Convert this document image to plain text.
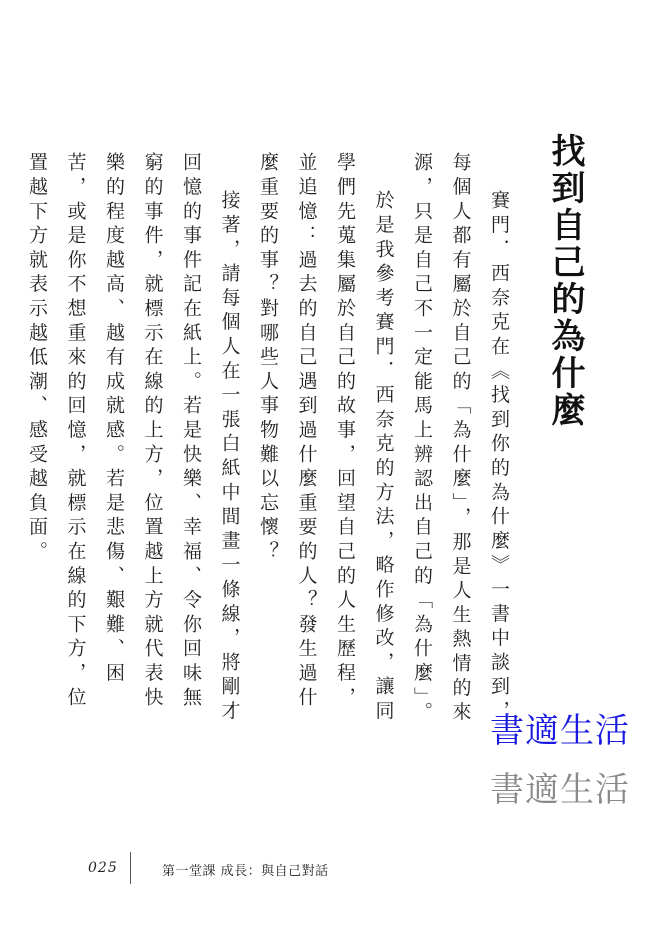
找到自己的為什麼

賽門．西奈克在《找到你的為什麼》一書中談到，每個人都有屬於自己的「為什麼」，那是人生熱情的來源，只是自己不一定能馬上辨認出自己的「為什麼」。

於是我參考賽門．西奈克的方法，略作修改，讓同學們先蒐集屬於自己的故事，回望自己的人生歷程，並追憶：過去的自己遇到過什麼重要的人？發生過什麼重要的事？對哪些人事物難以忘懷？

接著，請每個人在一張白紙中間畫一條線，將剛才回憶的事件記在紙上。若是快樂、幸福、令你回味無窮的事件，就標示在線的上方，位置越上方就代表快樂的程度越高、越有成就感。若是悲傷、艱難、困苦，或是你不想重來的回憶，就標示在線的下方，位置越下方就表示越低潮、感受越負面。

書適生活
書適生活
025	第一堂課 成長：與自己對話
